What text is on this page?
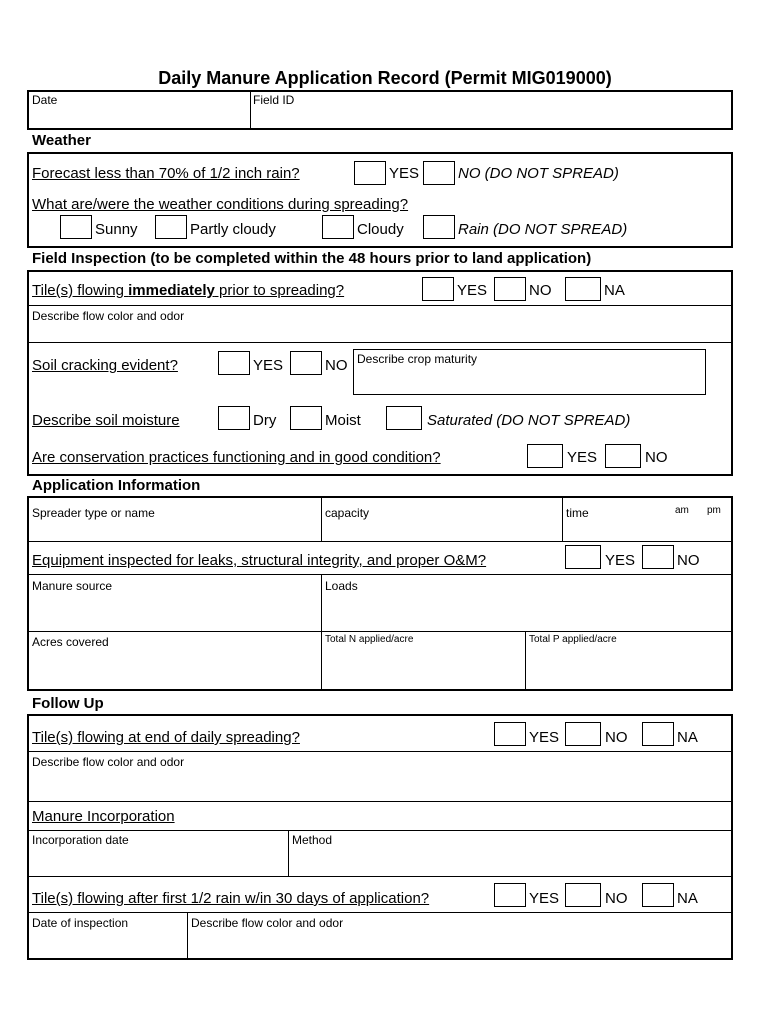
Daily Manure Application Record (Permit MIG019000)
Date	Field ID
Weather
Forecast less than 70% of 1/2 inch rain?	YES	NO (DO NOT SPREAD)
What are/were the weather conditions during spreading?
Sunny	Partly cloudy	Cloudy	Rain (DO NOT SPREAD)
Field Inspection (to be completed within the 48 hours prior to land application)
Tile(s) flowing immediately prior to spreading?	YES	NO	NA
Describe flow color and odor
Soil cracking evident?	YES	NO Describe crop maturity
Describe soil moisture	Dry	Moist	Saturated (DO NOT SPREAD)
Are conservation practices functioning and in good condition?	YES	NO
Application Information
Spreader type or name	capacity	time	am pm
Equipment inspected for leaks, structural integrity, and proper O&M?	YES	NO
Manure source	Loads
Acres covered	Total N applied/acre	Total P applied/acre
Follow Up
Tile(s) flowing at end of daily spreading?	YES	NO	NA
Describe flow color and odor
Manure Incorporation
Incorporation date	Method
Tile(s) flowing after first 1/2 rain w/in 30 days of application?	YES	NO	NA
Date of inspection	Describe flow color and odor
